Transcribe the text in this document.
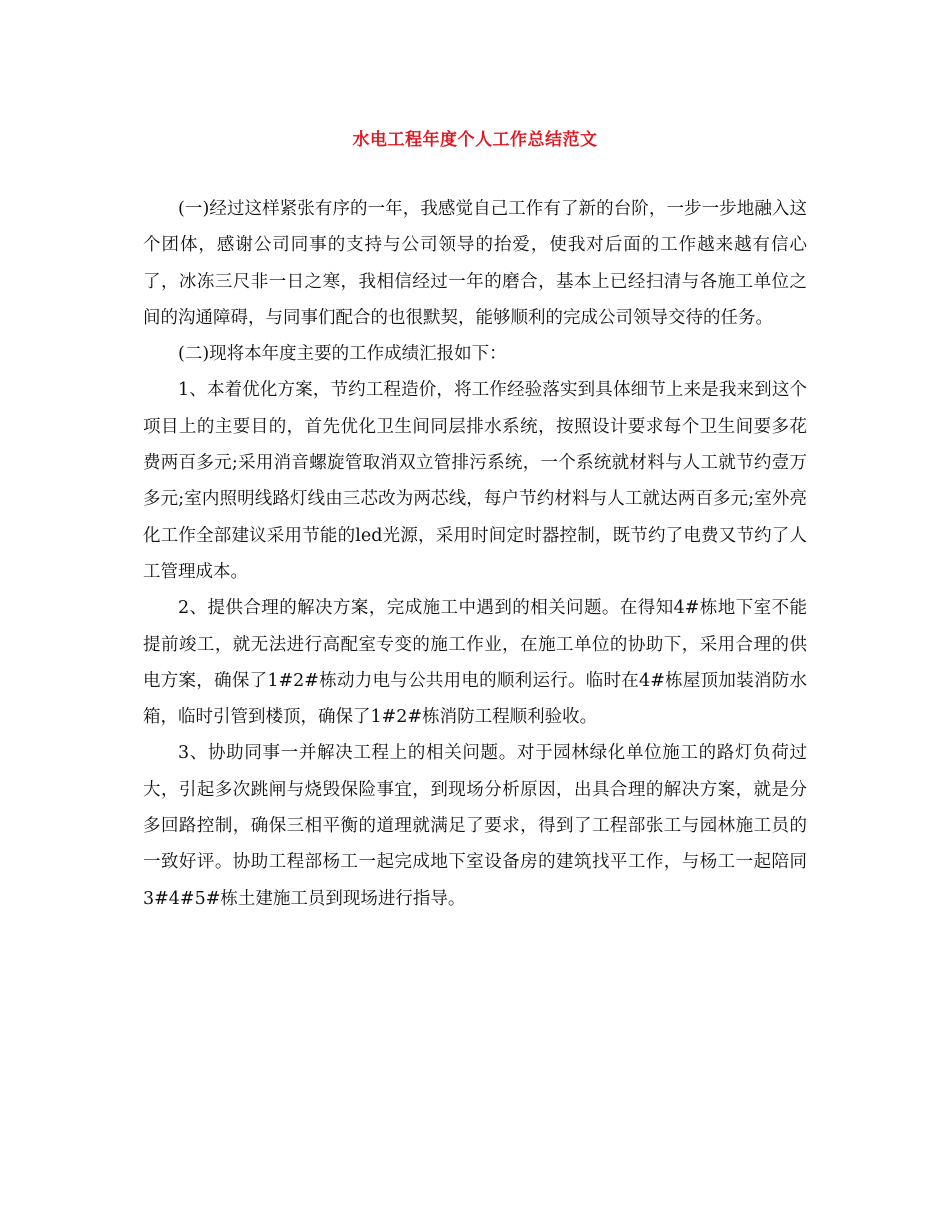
水电工程年度个人工作总结范文

(一)经过这样紧张有序的一年，我感觉自己工作有了新的台阶，一步一步地融入这个团体，感谢公司同事的支持与公司领导的抬爱，使我对后面的工作越来越有信心了，冰冻三尺非一日之寒，我相信经过一年的磨合，基本上已经扫清与各施工单位之间的沟通障碍，与同事们配合的也很默契，能够顺利的完成公司领导交待的任务。

(二)现将本年度主要的工作成绩汇报如下：

1、本着优化方案，节约工程造价，将工作经验落实到具体细节上来是我来到这个项目上的主要目的，首先优化卫生间同层排水系统，按照设计要求每个卫生间要多花费两百多元;采用消音螺旋管取消双立管排污系统，一个系统就材料与人工就节约壹万多元;室内照明线路灯线由三芯改为两芯线，每户节约材料与人工就达两百多元;室外亮化工作全部建议采用节能的led光源，采用时间定时器控制，既节约了电费又节约了人工管理成本。

2、提供合理的解决方案，完成施工中遇到的相关问题。在得知4#栋地下室不能提前竣工，就无法进行高配室专变的施工作业，在施工单位的协助下，采用合理的供电方案，确保了1#2#栋动力电与公共用电的顺利运行。临时在4#栋屋顶加装消防水箱，临时引管到楼顶，确保了1#2#栋消防工程顺利验收。

3、协助同事一并解决工程上的相关问题。对于园林绿化单位施工的路灯负荷过大，引起多次跳闸与烧毁保险事宜，到现场分析原因，出具合理的解决方案，就是分多回路控制，确保三相平衡的道理就满足了要求，得到了工程部张工与园林施工员的一致好评。协助工程部杨工一起完成地下室设备房的建筑找平工作，与杨工一起陪同3#4#5#栋土建施工员到现场进行指导。
